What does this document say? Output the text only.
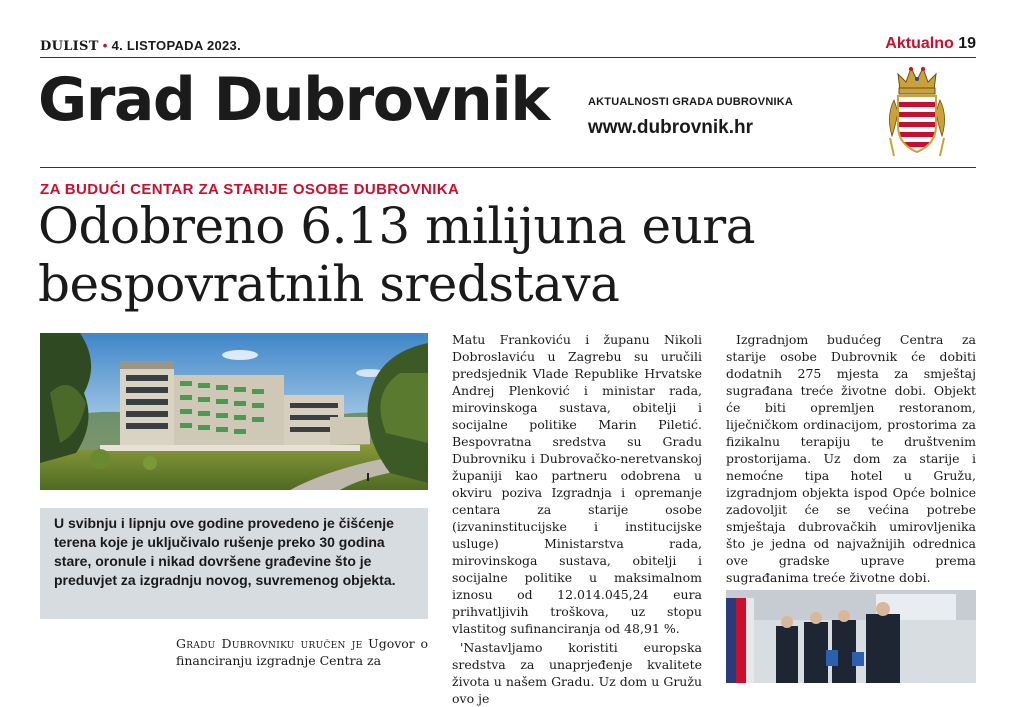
DULIST • 4. LISTOPADA 2023.	Aktualno 19
Grad Dubrovnik	AKTUALNOSTI GRADA DUBROVNIKA
www.dubrovnik.hr
ZA BUDUĆI CENTAR ZA STARIJE OSOBE DUBROVNIKA
Odobreno 6.13 milijuna eura
bespovratnih sredstava

U svibnju i lipnju ove godine provedeno je čišćenje terena koje je uključivalo rušenje preko 30 godina stare, oronule i nikad dovršene građevine što je preduvjet za izgradnju novog, suvremenog objekta.

Gradu Dubrovniku uručen je Ugovor o financiranju izgradnje Centra za

Matu Frankoviću i županu Nikoli Dobroslaviću u Zagrebu su uručili predsjednik Vlade Republike Hrvatske Andrej Plenković i ministar rada, mirovinskoga sustava, obitelji i socijalne politike Marin Piletić. Bespovratna sredstva su Gradu Dubrovniku i Dubrovačko-neretvanskoj županiji kao partneru odobrena u okviru poziva Izgradnja i opremanje centara za starije osobe (izvaninstitucijske i institucijske usluge) Ministarstva rada, mirovinskoga sustava, obitelji i socijalne politike u maksimalnom iznosu od 12.014.045,24 eura prihvatljivih troškova, uz stopu vlastitog sufinanciranja od 48,91 %.

'Nastavljamo koristiti europska sredstva za unaprjeđenje kvalitete života u našem Gradu. Uz dom u Gružu ovo je

Izgradnjom budućeg Centra za starije osobe Dubrovnik će dobiti dodatnih 275 mjesta za smještaj sugrađana treće životne dobi. Objekt će biti opremljen restoranom, liječničkom ordinacijom, prostorima za fizikalnu terapiju te društvenim prostorijama. Uz dom za starije i nemoćne tipa hotel u Gružu, izgradnjom objekta ispod Opće bolnice zadovoljit će se većina potrebe smještaja dubrovačkih umirovljenika što je jedna od najvažnijih odrednica ove gradske uprave prema sugrađanima treće životne dobi.
